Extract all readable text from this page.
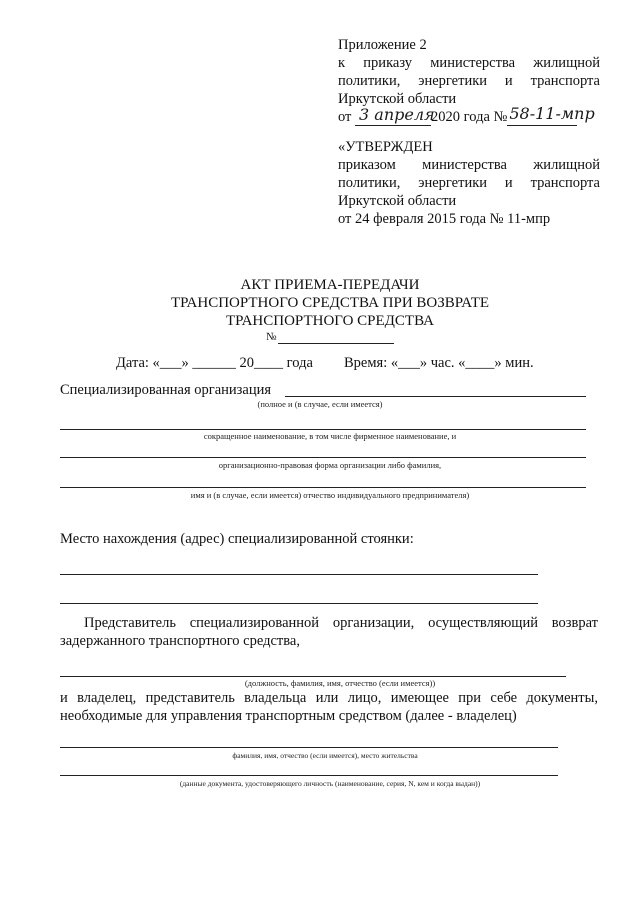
Приложение 2
к приказу министерства жилищной
политики, энергетики и транспорта
Иркутской области
от 3 апреля
2020 года № 58-11-мпр
«УТВЕРЖДЕН
приказом министерства жилищной
политики, энергетики и транспорта
Иркутской области
от 24 февраля 2015 года № 11-мпр
АКТ ПРИЕМА-ПЕРЕДАЧИ
ТРАНСПОРТНОГО СРЕДСТВА ПРИ ВОЗВРАТЕ
ТРАНСПОРТНОГО СРЕДСТВА
№
Дата: «___» ______ 20____ года Время: «___» час. «____» мин.
Специализированная организация
(полное и (в случае, если имеется)
сокращенное наименование, в том числе фирменное наименование, и
организационно-правовая форма организации либо фамилия,
имя и (в случае, если имеется) отчество индивидуального предпринимателя)
Место нахождения (адрес) специализированной стоянки:
Представитель специализированной организации, осуществляющий возврат
задержанного транспортного средства,
(должность, фамилия, имя, отчество (если имеется))
и владелец, представитель владельца или лицо, имеющее при себе документы,
необходимые для управления транспортным средством (далее - владелец)
фамилия, имя, отчество (если имеется), место жительства
(данные документа, удостоверяющего личность (наименование, серия, N, кем и когда выдан))
